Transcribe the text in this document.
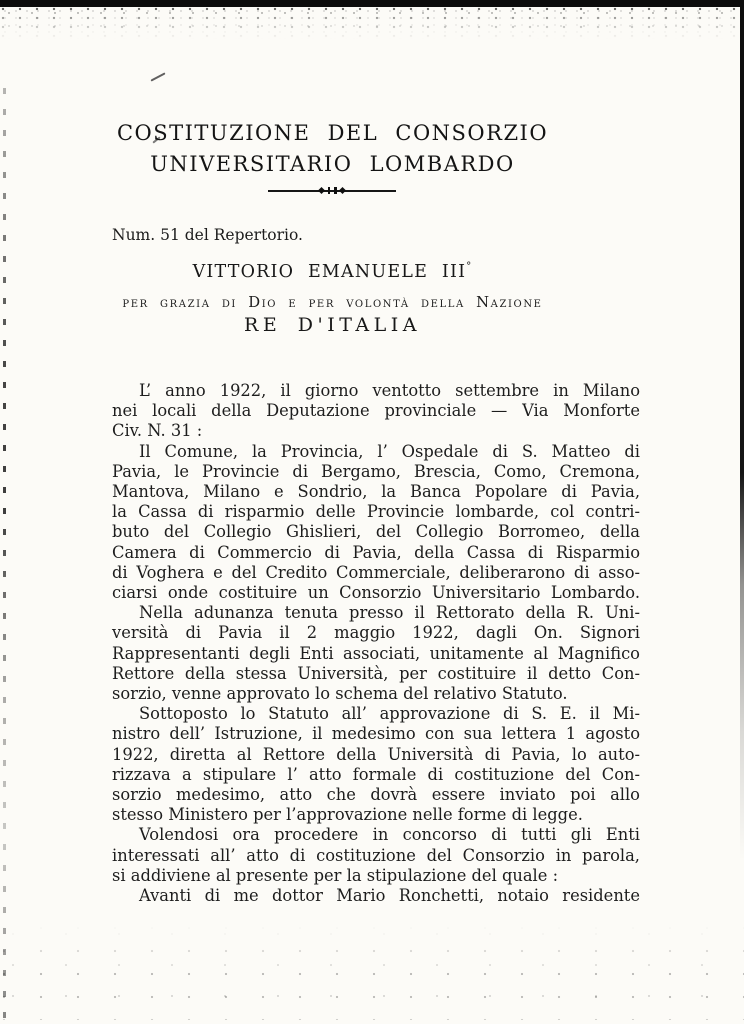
COSTITUZIONE DEL CONSORZIO
UNIVERSITARIO LOMBARDO
Num. 51 del Repertorio.
VITTORIO EMANUELE III°
per grazia di Dio e per volontà della Nazione
RE D'ITALIA
L’ anno 1922, il giorno ventotto settembre in Milano
nei locali della Deputazione provinciale — Via Monforte
Civ. N. 31 :
Il Comune, la Provincia, l’ Ospedale di S. Matteo di
Pavia, le Provincie di Bergamo, Brescia, Como, Cremona,
Mantova, Milano e Sondrio, la Banca Popolare di Pavia,
la Cassa di risparmio delle Provincie lombarde, col contri-
buto del Collegio Ghislieri, del Collegio Borromeo, della
Camera di Commercio di Pavia, della Cassa di Risparmio
di Voghera e del Credito Commerciale, deliberarono di asso-
ciarsi onde costituire un Consorzio Universitario Lombardo.
Nella adunanza tenuta presso il Rettorato della R. Uni-
versità di Pavia il 2 maggio 1922, dagli On. Signori
Rappresentanti degli Enti associati, unitamente al Magnifico
Rettore della stessa Università, per costituire il detto Con-
sorzio, venne approvato lo schema del relativo Statuto.
Sottoposto lo Statuto all’ approvazione di S. E. il Mi-
nistro dell’ Istruzione, il medesimo con sua lettera 1 agosto
1922, diretta al Rettore della Università di Pavia, lo auto-
rizzava a stipulare l’ atto formale di costituzione del Con-
sorzio medesimo, atto che dovrà essere inviato poi allo
stesso Ministero per l’approvazione nelle forme di legge.
Volendosi ora procedere in concorso di tutti gli Enti
interessati all’ atto di costituzione del Consorzio in parola,
si addiviene al presente per la stipulazione del quale :
Avanti di me dottor Mario Ronchetti, notaio residente
